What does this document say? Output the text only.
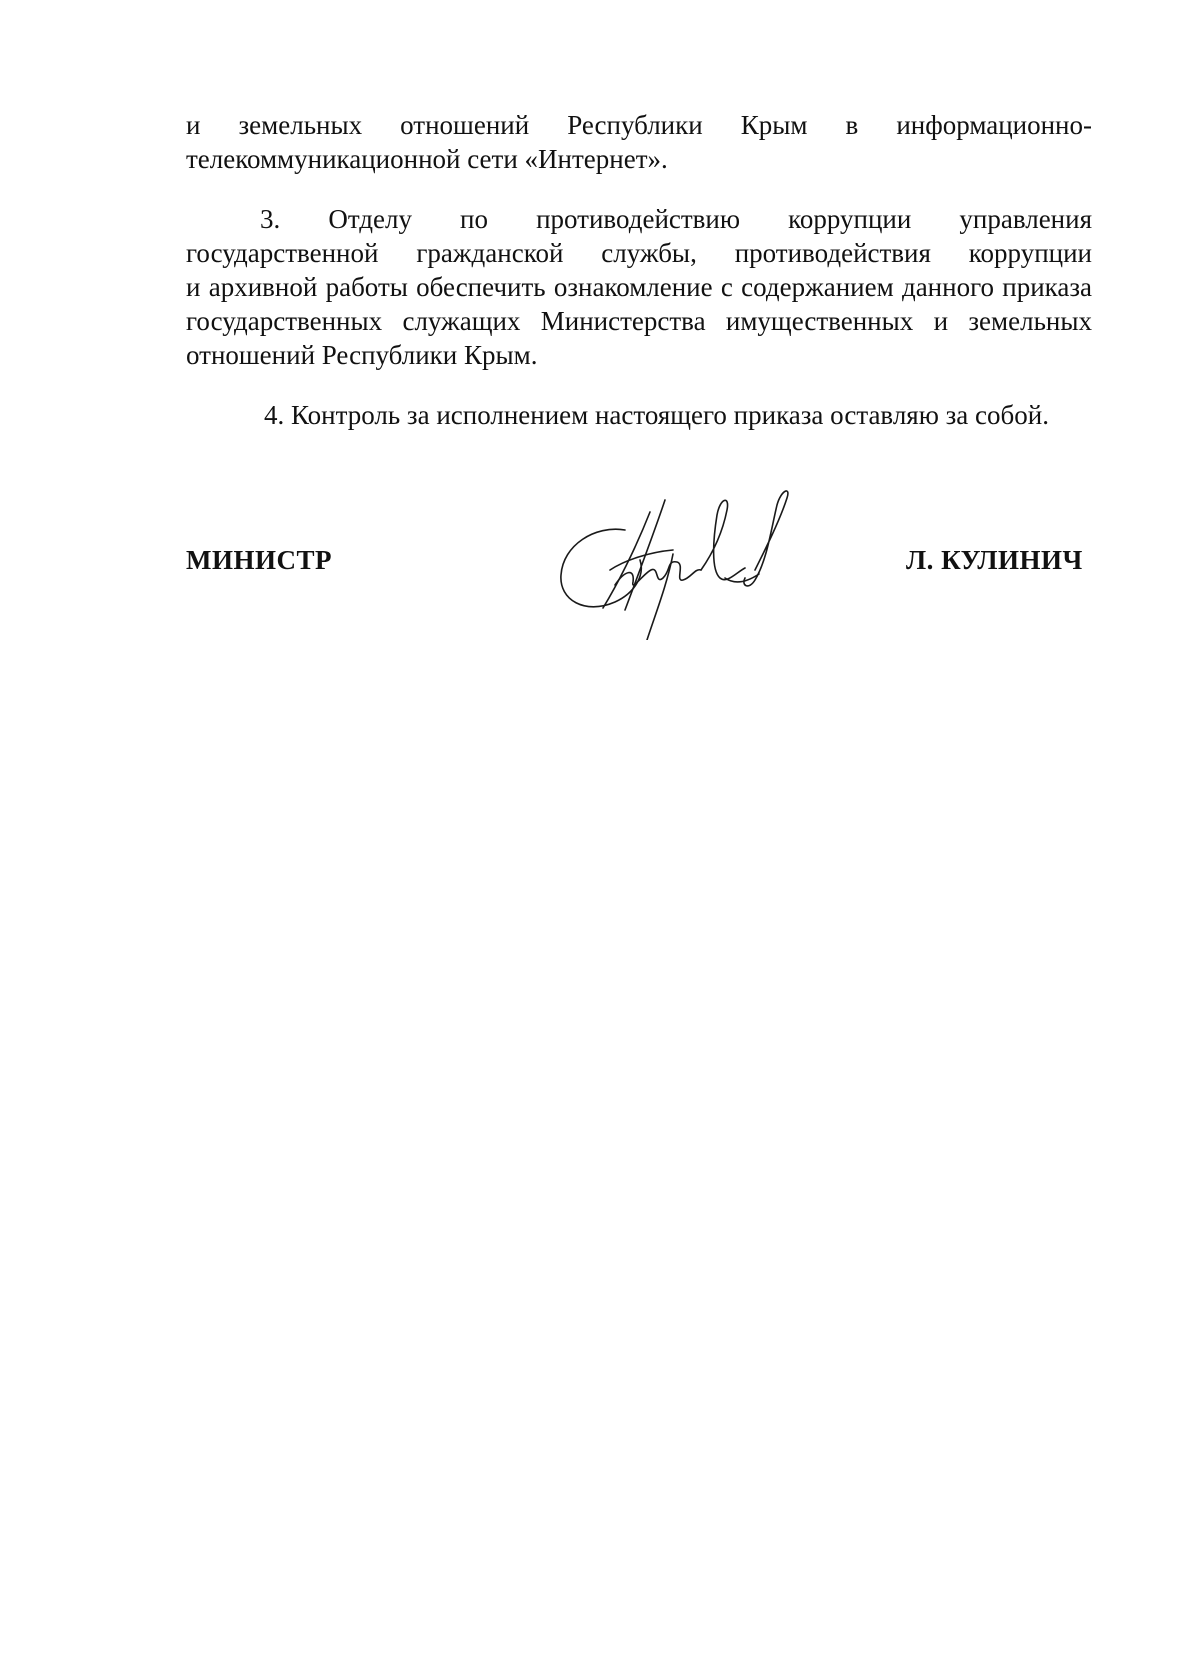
и земельных отношений Республики Крым в информационно-
телекоммуникационной сети «Интернет».
3. Отделу по противодействию коррупции управления
государственной гражданской службы, противодействия коррупции
и архивной работы обеспечить ознакомление с содержанием данного приказа
государственных служащих Министерства имущественных и земельных
отношений Республики Крым.
4. Контроль за исполнением настоящего приказа оставляю за собой.
МИНИСТР	Л. КУЛИНИЧ
